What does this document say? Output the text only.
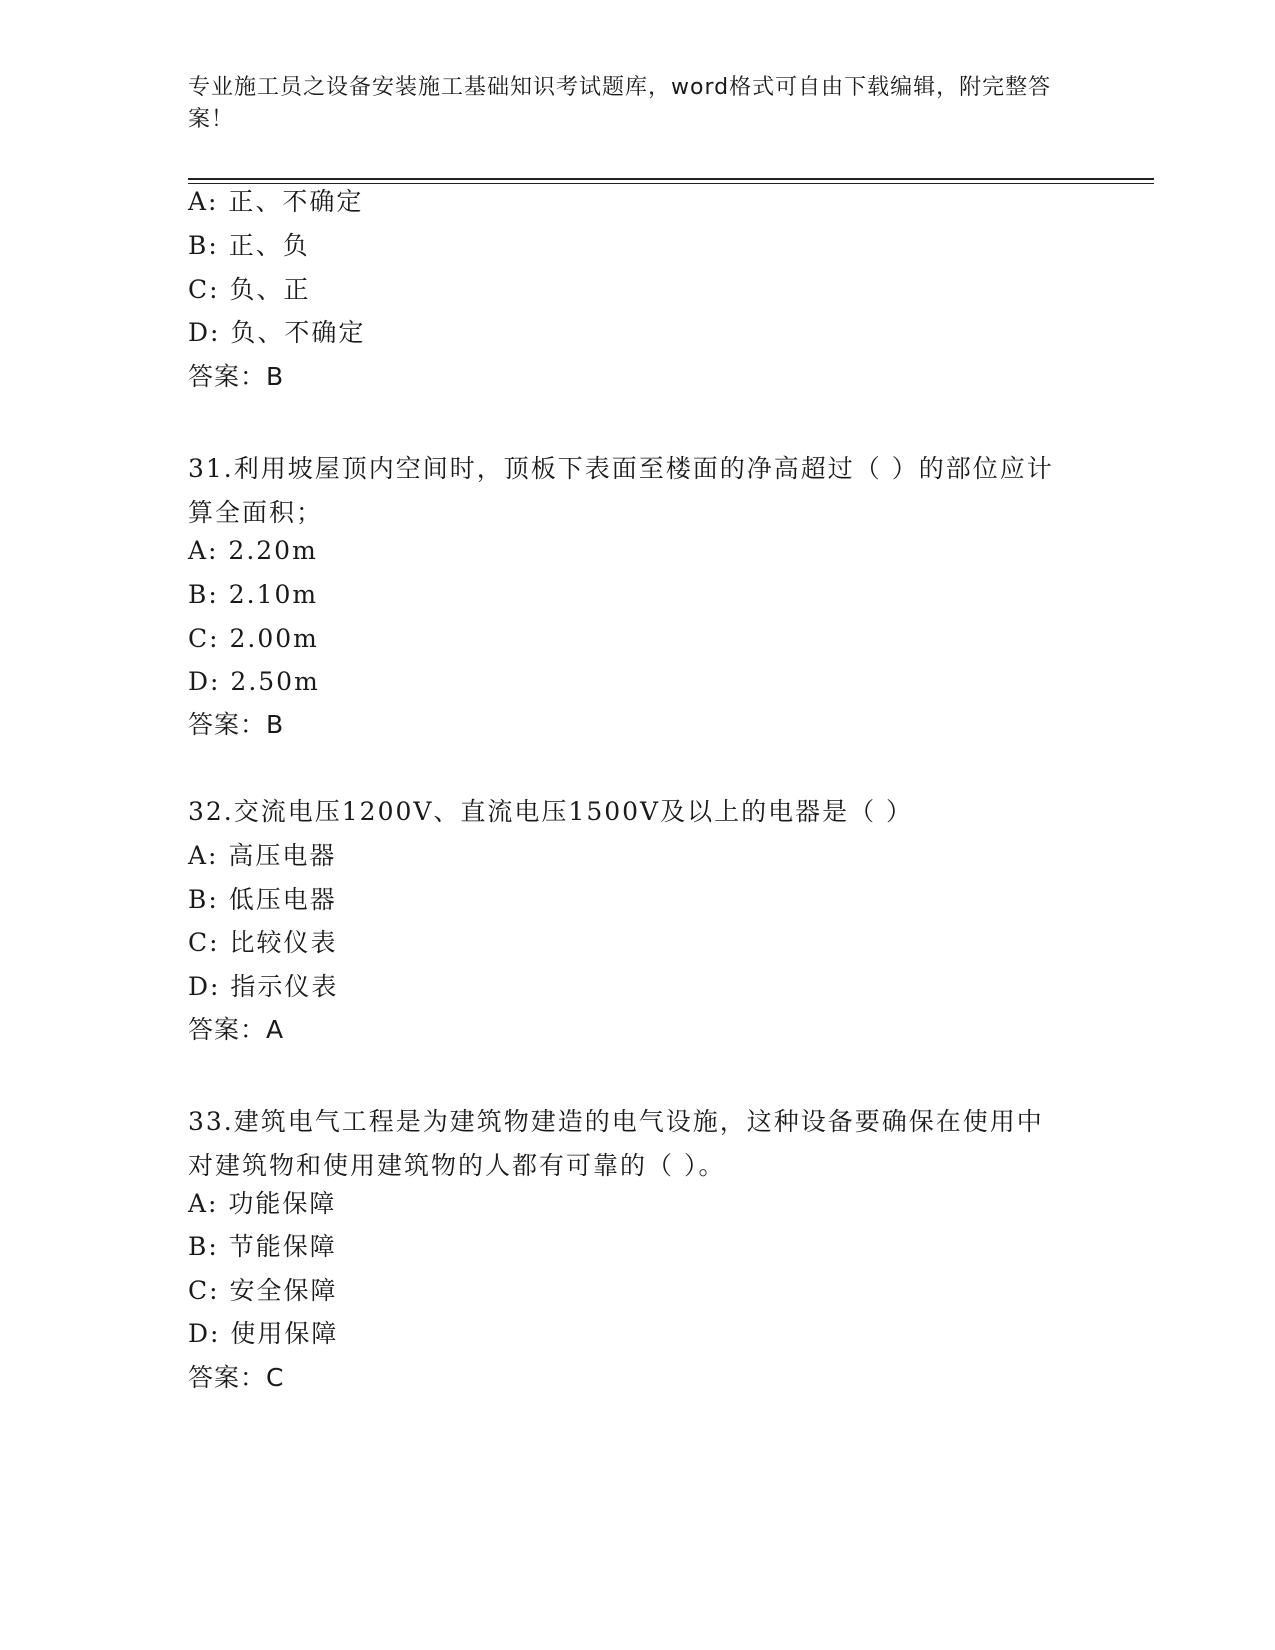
专业施工员之设备安装施工基础知识考试题库，word格式可自由下载编辑，附完整答案！
A: 正、不确定
B: 正、负
C: 负、正
D: 负、不确定
答案：B
31.利用坡屋顶内空间时，顶板下表面至楼面的净高超过（ ）的部位应计算全面积；
A: 2.20m
B: 2.10m
C: 2.00m
D: 2.50m
答案：B
32.交流电压1200V、直流电压1500V及以上的电器是（ ）
A: 高压电器
B: 低压电器
C: 比较仪表
D: 指示仪表
答案：A
33.建筑电气工程是为建筑物建造的电气设施，这种设备要确保在使用中对建筑物和使用建筑物的人都有可靠的（ ）。
A: 功能保障
B: 节能保障
C: 安全保障
D: 使用保障
答案：C
